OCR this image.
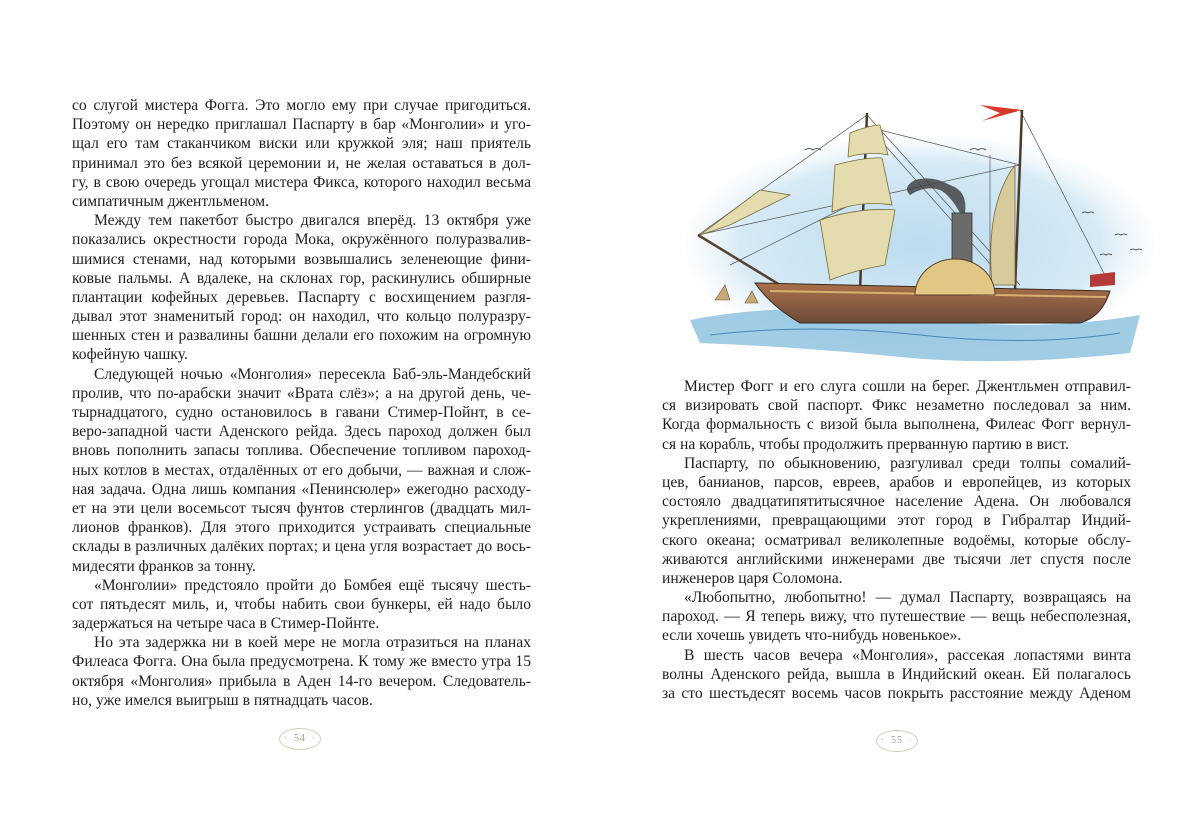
со слугой мистера Фогга. Это могло ему при случае пригодиться.
Поэтому он нередко приглашал Паспарту в бар «Монголии» и уго-
щал его там стаканчиком виски или кружкой эля; наш приятель
принимал это без всякой церемонии и, не желая оставаться в дол-
гу, в свою очередь угощал мистера Фикса, которого находил весьма
симпатичным джентльменом.
Между тем пакетбот быстро двигался вперёд. 13 октября уже
показались окрестности города Мока, окружённого полуразвалив-
шимися стенами, над которыми возвышались зеленеющие фини-
ковые пальмы. А вдалеке, на склонах гор, раскинулись обширные
плантации кофейных деревьев. Паспарту с восхищением разгля-
дывал этот знаменитый город: он находил, что кольцо полуразру-
шенных стен и развалины башни делали его похожим на огромную
кофейную чашку.
Следующей ночью «Монголия» пересекла Баб-эль-Мандебский
пролив, что по-арабски значит «Врата слёз»; а на другой день, че-
тырнадцатого, судно остановилось в гавани Стимер-Пойнт, в се-
веро-западной части Аденского рейда. Здесь пароход должен был
вновь пополнить запасы топлива. Обеспечение топливом пароход-
ных котлов в местах, отдалённых от его добычи, — важная и слож-
ная задача. Одна лишь компания «Пенинсюлер» ежегодно расходу-
ет на эти цели восемьсот тысяч фунтов стерлингов (двадцать мил-
лионов франков). Для этого приходится устраивать специальные
склады в различных далёких портах; и цена угля возрастает до вось-
мидесяти франков за тонну.
«Монголии» предстояло пройти до Бомбея ещё тысячу шесть-
сот пятьдесят миль, и, чтобы набить свои бункеры, ей надо было
задержаться на четыре часа в Стимер-Пойнте.
Но эта задержка ни в коей мере не могла отразиться на планах
Филеаса Фогга. Она была предусмотрена. К тому же вместо утра 15
октября «Монголия» прибыла в Аден 14-го вечером. Следователь-
но, уже имелся выигрыш в пятнадцать часов.
· 54 ·
Мистер Фогг и его слуга сошли на берег. Джентльмен отправил-
ся визировать свой паспорт. Фикс незаметно последовал за ним.
Когда формальность с визой была выполнена, Филеас Фогг вернул-
ся на корабль, чтобы продолжить прерванную партию в вист.
Паспарту, по обыкновению, разгуливал среди толпы сомалий-
цев, банианов, парсов, евреев, арабов и европейцев, из которых
состояло двадцатипятитысячное население Адена. Он любовался
укреплениями, превращающими этот город в Гибралтар Индий-
ского океана; осматривал великолепные водоёмы, которые обслу-
живаются английскими инженерами две тысячи лет спустя после
инженеров царя Соломона.
«Любопытно, любопытно! — думал Паспарту, возвращаясь на
пароход. — Я теперь вижу, что путешествие — вещь небесполезная,
если хочешь увидеть что-нибудь новенькое».
В шесть часов вечера «Монголия», рассекая лопастями винта
волны Аденского рейда, вышла в Индийский океан. Ей полагалось
за сто шестьдесят восемь часов покрыть расстояние между Аденом
· 55 ·
